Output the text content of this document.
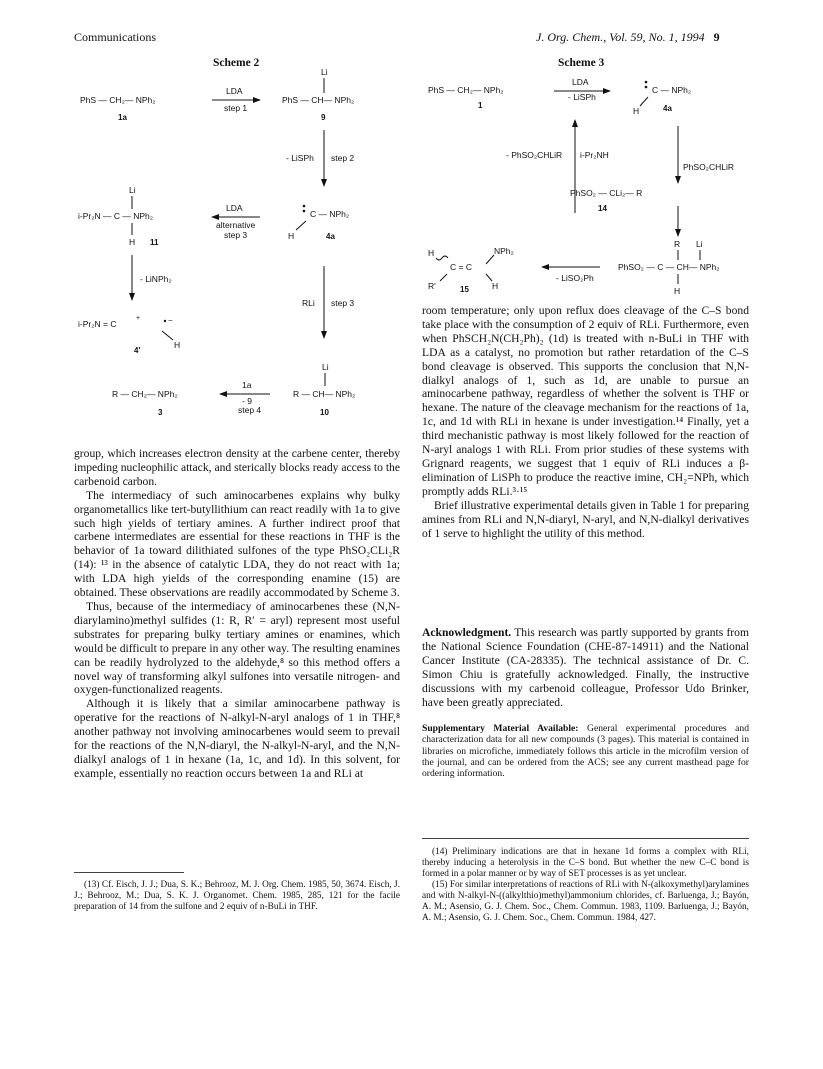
Communications	J. Org. Chem., Vol. 59, No. 1, 1994 9
Scheme 2
PhS — CH₂— NPh₂
1a
LDA
step 1
Li
PhS — CH— NPh₂
9
- LiSPh step 2
Li
i-Pr₂N — C — NPh₂
H 11
LDA
alternative
step 3
C — NPh₂
H	4a
- LiNPh₂
i-Pr₂N = C
+	−
H
4'
RLi step 3
R — CH₂— NPh₂
3
1a
- 9
step 4
Li
R — CH— NPh₂
10
Scheme 3
PhS — CH₂— NPh₂
1
LDA
- LiSPh
C — NPh₂
H	4a
- PhSO₂CHLiR i-Pr₂NH
PhSO₂CHLiR
PhSO₂ — CLi₂— R
14
H
C = C
NPh₂
R'	H
15
- LiSO₂Ph
R Li
PhSO₂ — C — CH— NPh₂
H

group, which increases electron density at the carbene center, thereby impeding nucleophilic attack, and sterically blocks ready access to the carbenoid carbon.

The intermediacy of such aminocarbenes explains why bulky organometallics like tert-butyllithium can react readily with 1a to give such high yields of tertiary amines. A further indirect proof that carbene intermediates are essential for these reactions in THF is the behavior of 1a toward dilithiated sulfones of the type PhSO₂CLi₂R (14): ¹³ in the absence of catalytic LDA, they do not react with 1a; with LDA high yields of the corresponding enamine (15) are obtained. These observations are readily accommodated by Scheme 3.

Thus, because of the intermediacy of aminocarbenes these (N,N-diarylamino)methyl sulfides (1: R, R′ = aryl) represent most useful substrates for preparing bulky tertiary amines or enamines, which would be difficult to prepare in any other way. The resulting enamines can be readily hydrolyzed to the aldehyde,⁸ so this method offers a novel way of transforming alkyl sulfones into versatile nitrogen- and oxygen-functionalized reagents.

Although it is likely that a similar aminocarbene pathway is operative for the reactions of N-alkyl-N-aryl analogs of 1 in THF,⁸ another pathway not involving aminocarbenes would seem to prevail for the reactions of the N,N-diaryl, the N-alkyl-N-aryl, and the N,N-dialkyl analogs of 1 in hexane (1a, 1c, and 1d). In this solvent, for example, essentially no reaction occurs between 1a and RLi at

(13) Cf. Eisch, J. J.; Dua, S. K.; Behrooz, M. J. Org. Chem. 1985, 50, 3674. Eisch, J. J.; Behrooz, M.; Dua, S. K. J. Organomet. Chem. 1985, 285, 121 for the facile preparation of 14 from the sulfone and 2 equiv of n-BuLi in THF.

room temperature; only upon reflux does cleavage of the C–S bond take place with the consumption of 2 equiv of RLi. Furthermore, even when PhSCH₂N(CH₂Ph)₂ (1d) is treated with n-BuLi in THF with LDA as a catalyst, no promotion but rather retardation of the C–S bond cleavage is observed. This supports the conclusion that N,N-dialkyl analogs of 1, such as 1d, are unable to pursue an aminocarbene pathway, regardless of whether the solvent is THF or hexane. The nature of the cleavage mechanism for the reactions of 1a, 1c, and 1d with RLi in hexane is under investigation.¹⁴ Finally, yet a third mechanistic pathway is most likely followed for the reaction of N-aryl analogs 1 with RLi. From prior studies of these systems with Grignard reagents, we suggest that 1 equiv of RLi induces a β-elimination of LiSPh to produce the reactive imine, CH₂=NPh, which promptly adds RLi.³·¹⁵

Brief illustrative experimental details given in Table 1 for preparing amines from RLi and N,N-diaryl, N-aryl, and N,N-dialkyl derivatives of 1 serve to highlight the utility of this method.

Acknowledgment. This research was partly supported by grants from the National Science Foundation (CHE-87-14911) and the National Cancer Institute (CA-28335). The technical assistance of Dr. C. Simon Chiu is gratefully acknowledged. Finally, the instructive discussions with my carbenoid colleague, Professor Udo Brinker, have been greatly appreciated.
Supplementary Material Available: General experimental procedures and characterization data for all new compounds (3 pages). This material is contained in libraries on microfiche, immediately follows this article in the microfilm version of the journal, and can be ordered from the ACS; see any current masthead page for ordering information.

(14) Preliminary indications are that in hexane 1d forms a complex with RLi, thereby inducing a heterolysis in the C–S bond. But whether the new C–C bond is formed in a polar manner or by way of SET processes is as yet unclear.

(15) For similar interpretations of reactions of RLi with N-(alkoxymethyl)arylamines and with N-alkyl-N-((alkylthio)methyl)ammonium chlorides, cf. Barluenga, J.; Bayón, A. M.; Asensio, G. J. Chem. Soc., Chem. Commun. 1983, 1109. Barluenga, J.; Bayón, A. M.; Asensio, G. J. Chem. Soc., Chem. Commun. 1984, 427.
